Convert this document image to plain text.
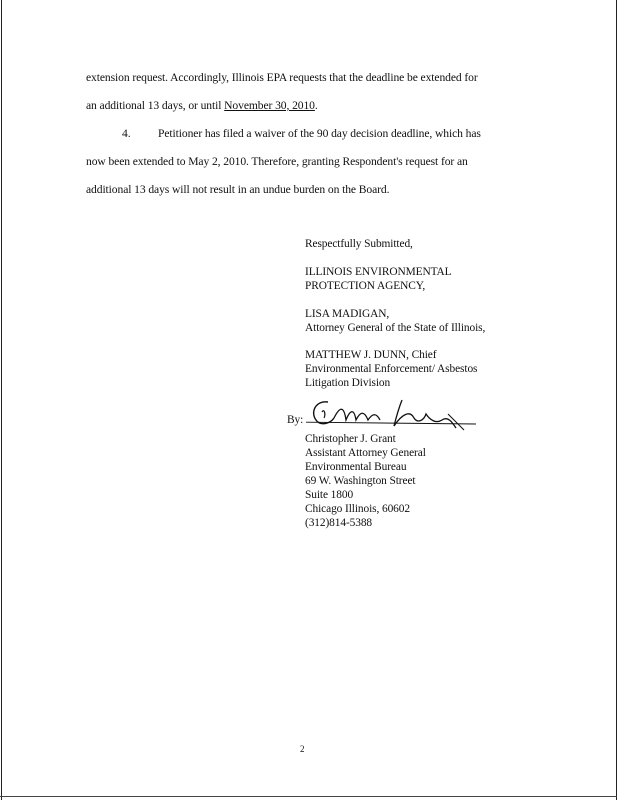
extension request. Accordingly, Illinois EPA requests that the deadline be extended for
an additional 13 days, or until November 30, 2010.
4. Petitioner has filed a waiver of the 90 day decision deadline, which has
now been extended to May 2, 2010. Therefore, granting Respondent's request for an
additional 13 days will not result in an undue burden on the Board.
Respectfully Submitted,
ILLINOIS ENVIRONMENTAL
PROTECTION AGENCY,
LISA MADIGAN,
Attorney General of the State of Illinois,
MATTHEW J. DUNN, Chief
Environmental Enforcement/ Asbestos
Litigation Division
By:
Christopher J. Grant
Assistant Attorney General
Environmental Bureau
69 W. Washington Street
Suite 1800
Chicago Illinois, 60602
(312)814-5388
2
